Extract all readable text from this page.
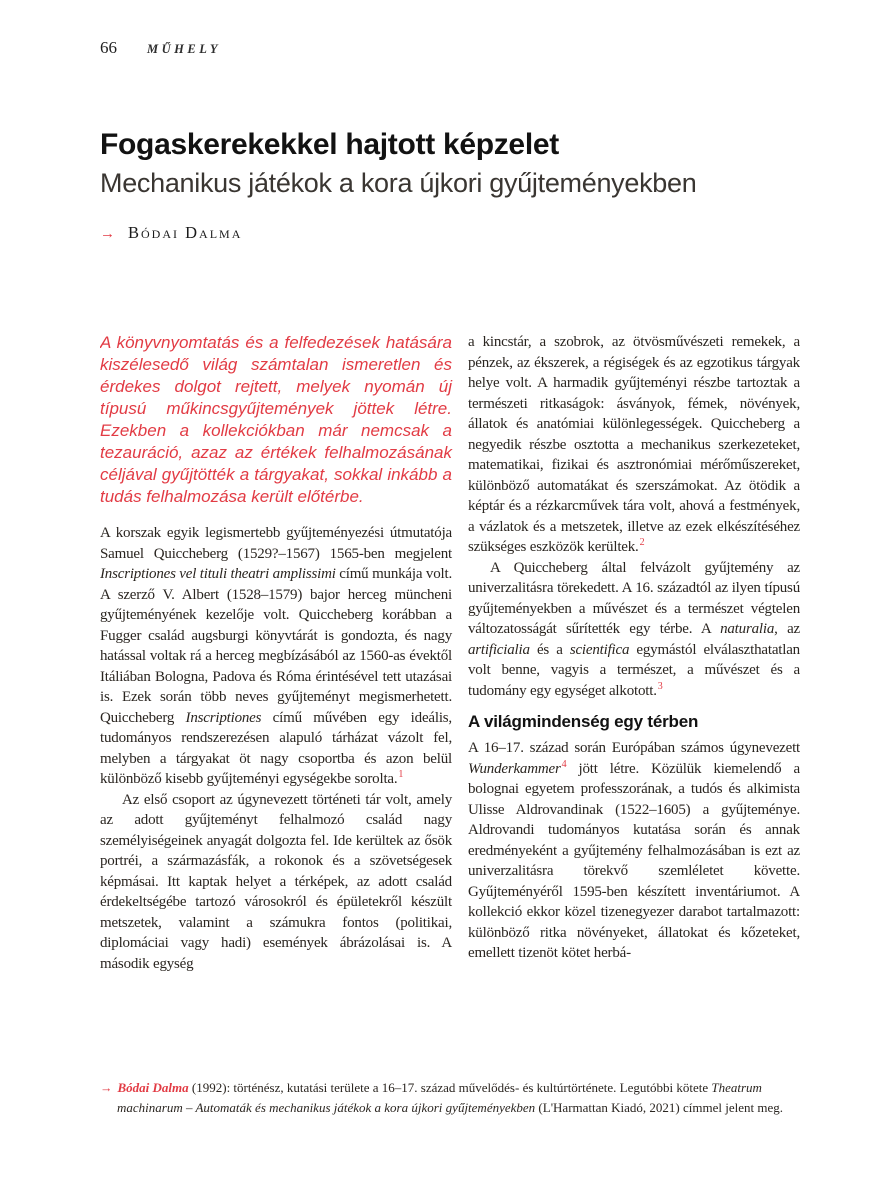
66 MŰHELY
Fogaskerekekkel hajtott képzelet
Mechanikus játékok a kora újkori gyűjteményekben
→ Bódai Dalma

A könyvnyomtatás és a felfedezések hatására kiszélesedő világ számtalan ismeretlen és érdekes dolgot rejtett, melyek nyomán új típusú műkincsgyűjtemények jöttek létre. Ezekben a kollekciókban már nemcsak a tezauráció, azaz az értékek felhalmozásának céljával gyűjtötték a tárgyakat, sokkal inkább a tudás felhalmozása került előtérbe.

A korszak egyik legismertebb gyűjteményezési útmutatója Samuel Quiccheberg (1529?–1567) 1565-ben megjelent Inscriptiones vel tituli theatri amplissimi című munkája volt. A szerző V. Albert (1528–1579) bajor herceg müncheni gyűjteményének kezelője volt. Quiccheberg korábban a Fugger család augsburgi könyvtárát is gondozta, és nagy hatással voltak rá a herceg megbízásából az 1560-as évektől Itáliában Bologna, Padova és Róma érintésével tett utazásai is. Ezek során több neves gyűjteményt megismerhetett. Quiccheberg Inscriptiones című művében egy ideális, tudományos rendszerezésen alapuló tárházat vázolt fel, melyben a tárgyakat öt nagy csoportba és azon belül különböző kisebb gyűjteményi egységekbe sorolta.$^1$

Az első csoport az úgynevezett történeti tár volt, amely az adott gyűjteményt felhalmozó család nagy személyiségeinek anyagát dolgozta fel. Ide kerültek az ősök portréi, a származásfák, a rokonok és a szövetségesek képmásai. Itt kaptak helyet a térképek, az adott család érdekeltségébe tartozó városokról és épületekről készült metszetek, valamint a számukra fontos (politikai, diplomáciai vagy hadi) események ábrázolásai is. A második egység

a kincstár, a szobrok, az ötvösművészeti remekek, a pénzek, az ékszerek, a régiségek és az egzotikus tárgyak helye volt. A harmadik gyűjteményi részbe tartoztak a természeti ritkaságok: ásványok, fémek, növények, állatok és anatómiai különlegességek. Quiccheberg a negyedik részbe osztotta a mechanikus szerkezeteket, matematikai, fizikai és asztronómiai mérőműszereket, különböző automatákat és szerszámokat. Az ötödik a képtár és a rézkarcművek tára volt, ahová a festmények, a vázlatok és a metszetek, illetve az ezek elkészítéséhez szükséges eszközök kerültek.$^2$

A Quiccheberg által felvázolt gyűjtemény az univerzalitásra törekedett. A 16. századtól az ilyen típusú gyűjteményekben a művészet és a természet végtelen változatosságát sűrítették egy térbe. A naturalia, az artificialia és a scientifica egymástól elválaszthatatlan volt benne, vagyis a természet, a művészet és a tudomány egy egységet alkotott.$^3$

A világmindenség egy térben

A 16–17. század során Európában számos úgynevezett Wunderkammer$^4$ jött létre. Közülük kiemelendő a bolognai egyetem professzorának, a tudós és alkimista Ulisse Aldrovandinak (1522–1605) a gyűjteménye. Aldrovandi tudományos kutatása során és annak eredményeként a gyűjtemény felhalmozásában is ezt az univerzalitásra törekvő szemléletet követte. Gyűjteményéről 1595-ben készített inventáriumot. A kollekció ekkor közel tizenegyezer darabot tartalmazott: különböző ritka növényeket, állatokat és kőzeteket, emellett tizenöt kötet herbá-

→ Bódai Dalma (1992): történész, kutatási területe a 16–17. század művelődés- és kultúrtörténete. Legutóbbi kötete Theatrum machinarum – Automaták és mechanikus játékok a kora újkori gyűjteményekben (L'Harmattan Kiadó, 2021) címmel jelent meg.
